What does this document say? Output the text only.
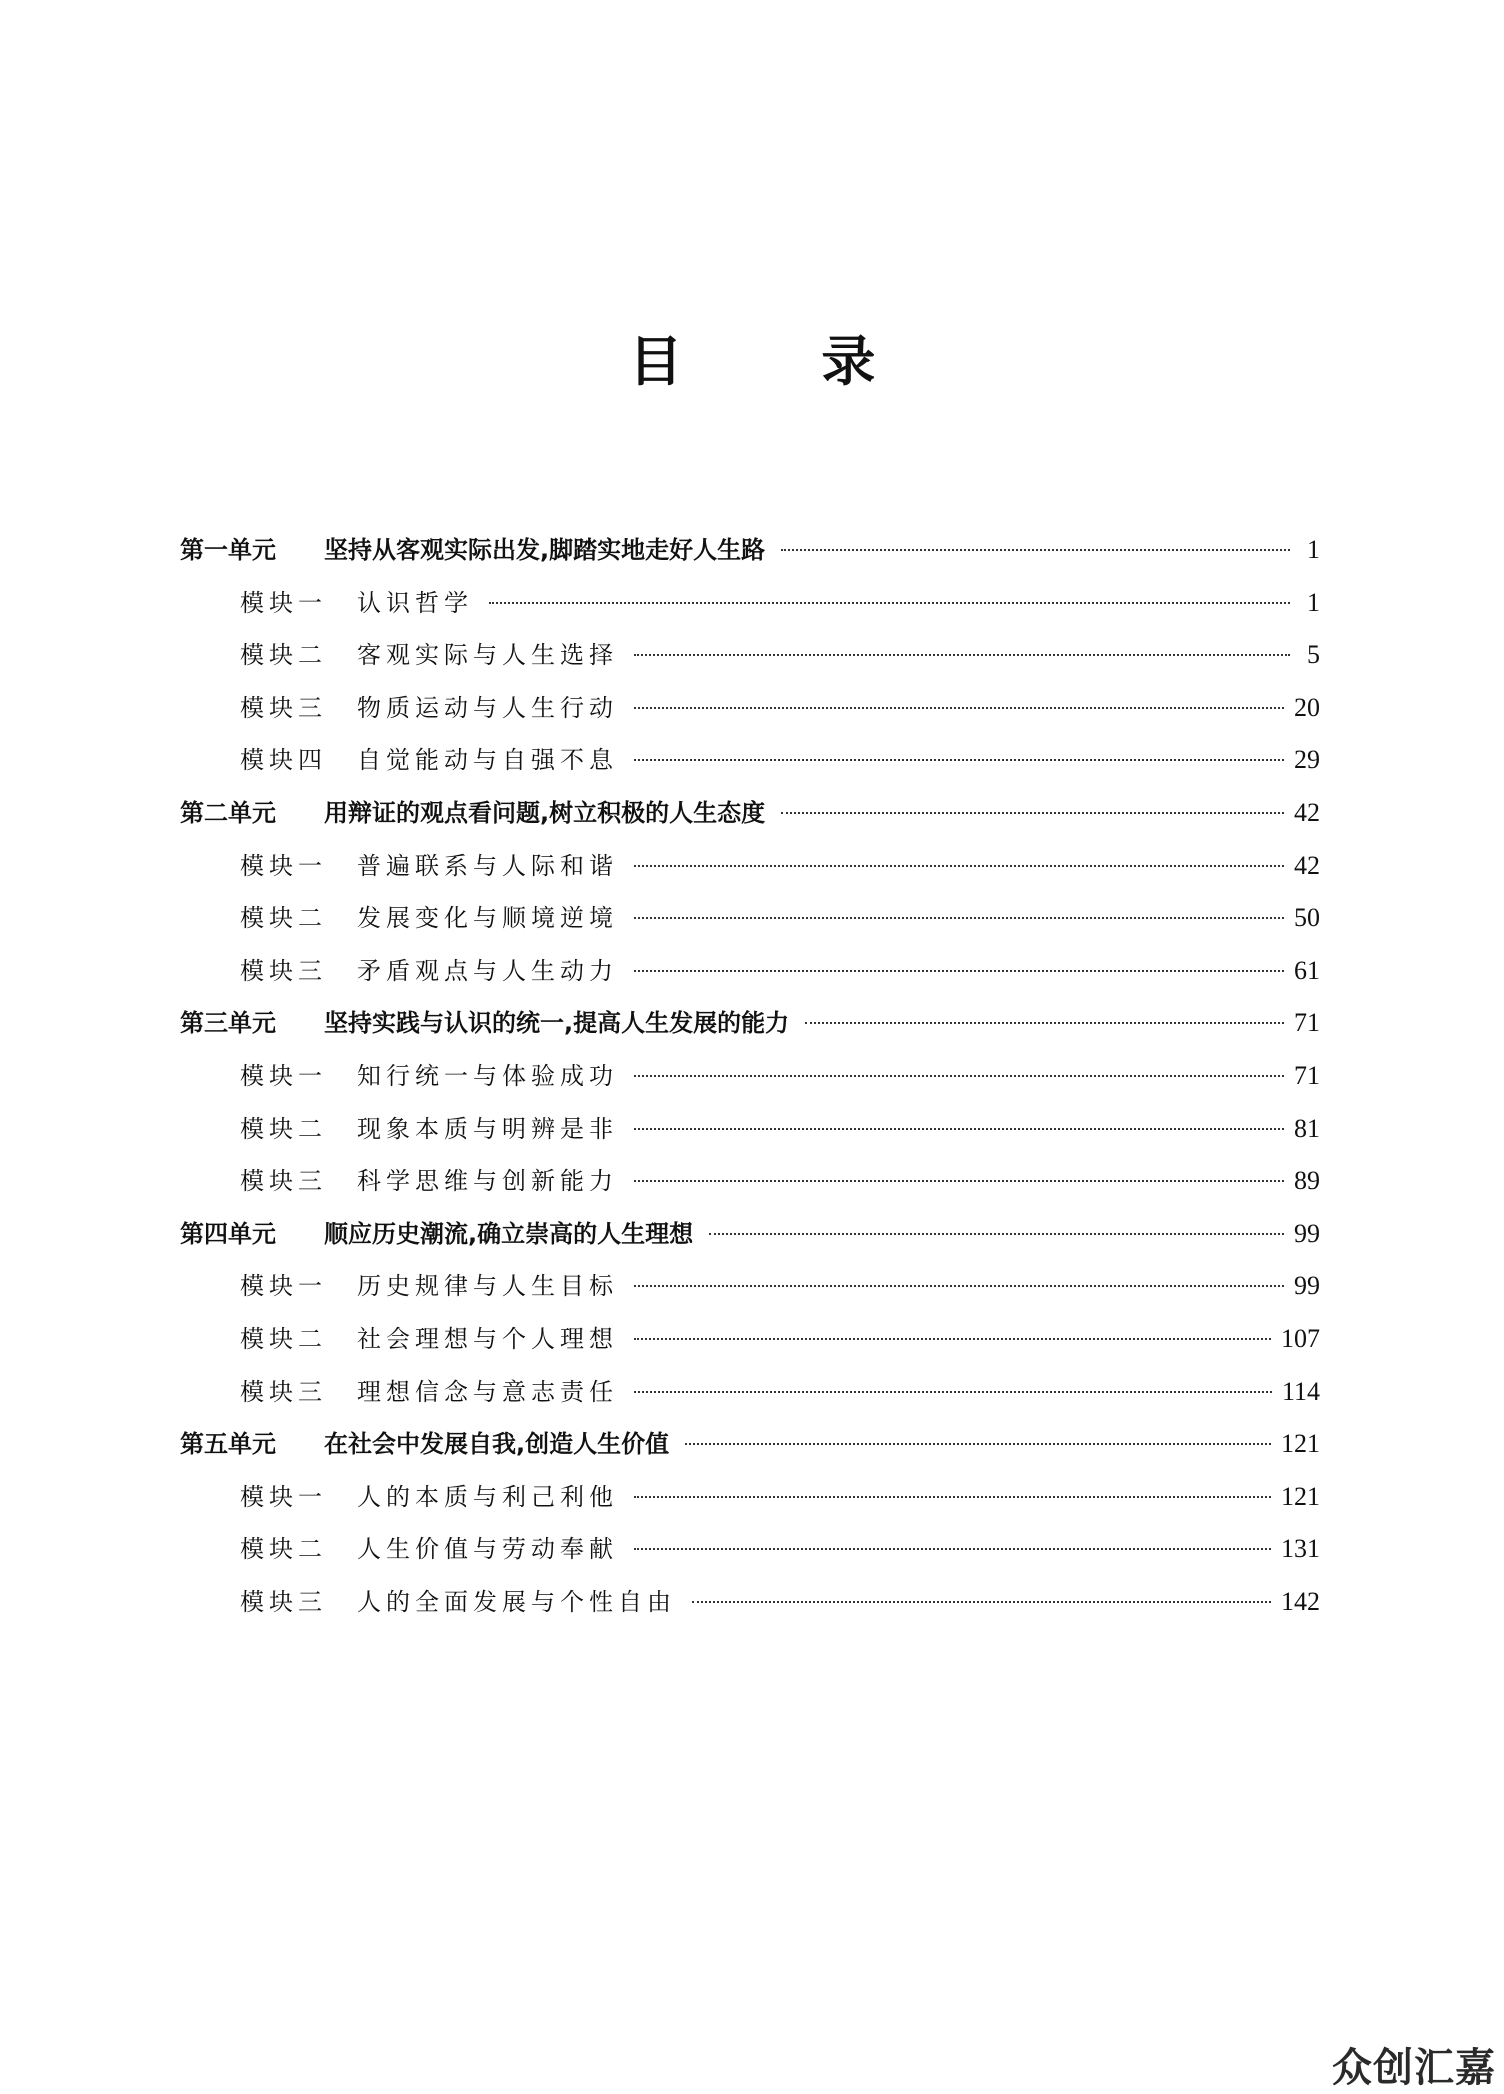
目 录
第一单元	坚持从客观实际出发,脚踏实地走好人生路	1
模块一	认识哲学	1
模块二	客观实际与人生选择	5
模块三	物质运动与人生行动	20
模块四	自觉能动与自强不息	29
第二单元	用辩证的观点看问题,树立积极的人生态度	42
模块一	普遍联系与人际和谐	42
模块二	发展变化与顺境逆境	50
模块三	矛盾观点与人生动力	61
第三单元	坚持实践与认识的统一,提高人生发展的能力	71
模块一	知行统一与体验成功	71
模块二	现象本质与明辨是非	81
模块三	科学思维与创新能力	89
第四单元	顺应历史潮流,确立崇高的人生理想	99
模块一	历史规律与人生目标	99
模块二	社会理想与个人理想	107
模块三	理想信念与意志责任	114
第五单元	在社会中发展自我,创造人生价值	121
模块一	人的本质与利己利他	121
模块二	人生价值与劳动奉献	131
模块三	人的全面发展与个性自由	142
众创汇嘉
